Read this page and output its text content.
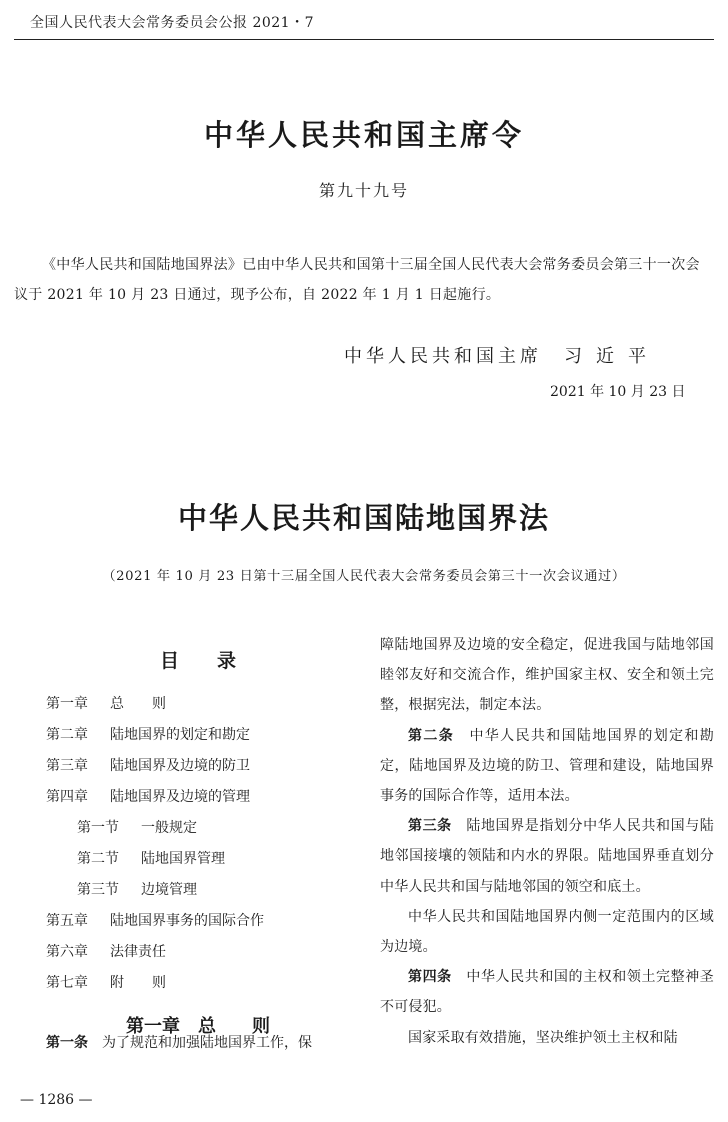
全国人民代表大会常务委员会公报 2021・7
中华人民共和国主席令
第九十九号

《中华人民共和国陆地国界法》已由中华人民共和国第十三届全国人民代表大会常务委员会第三十一次会议于 2021 年 10 月 23 日通过，现予公布，自 2022 年 1 月 1 日起施行。

中华人民共和国主席 习近平
2021 年 10 月 23 日
中华人民共和国陆地国界法
（2021 年 10 月 23 日第十三届全国人民代表大会常务委员会第三十一次会议通过）
目　　录
第一章 总　　则
第二章 陆地国界的划定和勘定
第三章 陆地国界及边境的防卫
第四章 陆地国界及边境的管理
第一节 一般规定
第二节 陆地国界管理
第三节 边境管理
第五章 陆地国界事务的国际合作
第六章 法律责任
第七章 附　　则
第一章　总　　则
第一条　 为了规范和加强陆地国界工作，保

障陆地国界及边境的安全稳定，促进我国与陆地邻国睦邻友好和交流合作，维护国家主权、安全和领土完整，根据宪法，制定本法。

第二条　 中华人民共和国陆地国界的划定和勘定，陆地国界及边境的防卫、管理和建设，陆地国界事务的国际合作等，适用本法。

第三条　 陆地国界是指划分中华人民共和国与陆地邻国接壤的领陆和内水的界限。陆地国界垂直划分中华人民共和国与陆地邻国的领空和底土。

中华人民共和国陆地国界内侧一定范围内的区域为边境。

第四条　 中华人民共和国的主权和领土完整神圣不可侵犯。

国家采取有效措施，坚决维护领土主权和陆

— 1286 —
